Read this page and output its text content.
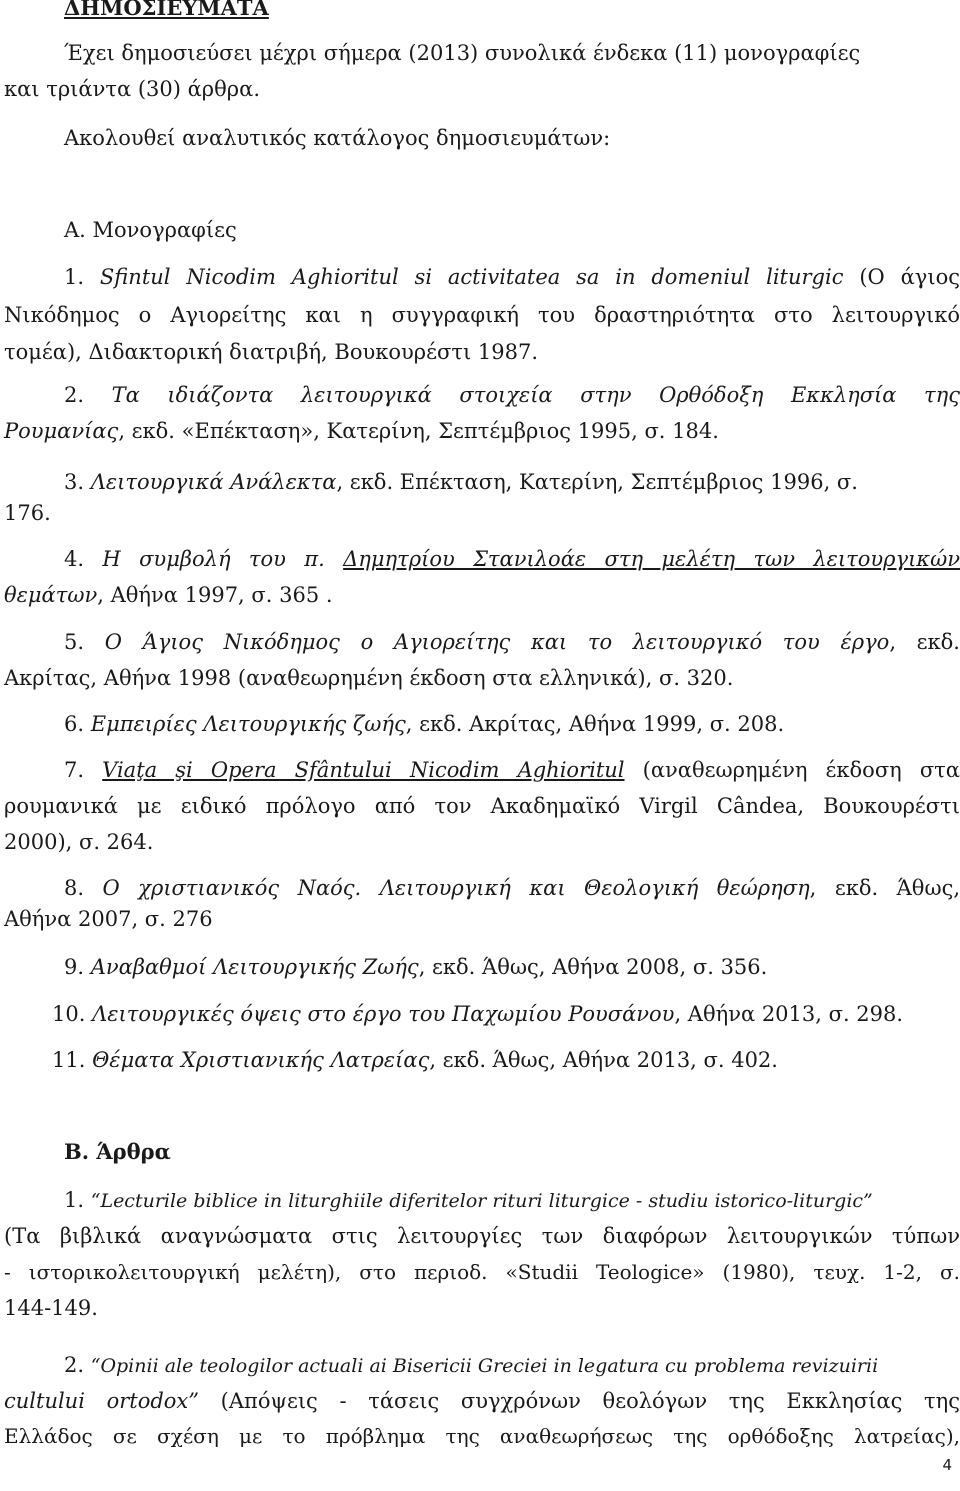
ΔΗΜΟΣΙΕΥΜΑΤΑ
Έχει δημοσιεύσει μέχρι σήμερα (2013) συνολικά ένδεκα (11) μονογραφίες
και τριάντα (30) άρθρα.
Ακολουθεί αναλυτικός κατάλογος δημοσιευμάτων:
Α. Μονογραφίες
1. Sfintul Nicodim Aghioritul si activitatea sa in domeniul liturgic (Ο άγιος
Νικόδημος ο Αγιορείτης και η συγγραφική του δραστηριότητα στο λειτουργικό
τομέα), Διδακτορική διατριβή, Βουκουρέστι 1987.
2. Τα ιδιάζοντα λειτουργικά στοιχεία στην Ορθόδοξη Εκκλησία της
Ρουμανίας, εκδ. «Επέκταση», Κατερίνη, Σεπτέμβριος 1995, σ. 184.
3. Λειτουργικά Ανάλεκτα, εκδ. Επέκταση, Κατερίνη, Σεπτέμβριος 1996, σ.
176.
4. Η συμβολή του π. Δημητρίου Στανιλοάε στη μελέτη των λειτουργικών
θεμάτων, Αθήνα 1997, σ. 365 .
5. Ο Άγιος Νικόδημος ο Αγιορείτης και το λειτουργικό του έργο, εκδ.
Ακρίτας, Αθήνα 1998 (αναθεωρημένη έκδοση στα ελληνικά), σ. 320.
6. Εμπειρίες Λειτουργικής ζωής, εκδ. Ακρίτας, Αθήνα 1999, σ. 208.
7. Viaţa şi Opera Sfântului Nicodim Aghioritul (αναθεωρημένη έκδοση στα
ρουμανικά με ειδικό πρόλογο από τον Ακαδημαϊκό Virgil Cândea, Βουκουρέστι
2000), σ. 264.
8. Ο χριστιανικός Ναός. Λειτουργική και Θεολογική θεώρηση, εκδ. Άθως,
Αθήνα 2007, σ. 276
9. Αναβαθμοί Λειτουργικής Ζωής, εκδ. Άθως, Αθήνα 2008, σ. 356.
10. Λειτουργικές όψεις στο έργο του Παχωμίου Ρουσάνου, Αθήνα 2013, σ. 298.
11. Θέματα Χριστιανικής Λατρείας, εκδ. Άθως, Αθήνα 2013, σ. 402.
Β. Άρθρα
1. “Lecturile biblice in liturghiile diferitelor rituri liturgice - studiu istorico-liturgic”
(Τα βιβλικά αναγνώσματα στις λειτουργίες των διαφόρων λειτουργικών τύπων
- ιστορικολειτουργική μελέτη), στο περιοδ. «Studii Teologice» (1980), τευχ. 1-2, σ.
144-149.
2. “Opinii ale teologilor actuali ai Bisericii Greciei in legatura cu problema revizuirii
cultului ortodox” (Απόψεις - τάσεις συγχρόνων θεολόγων της Εκκλησίας της
Ελλάδος σε σχέση με το πρόβλημα της αναθεωρήσεως της ορθόδοξης λατρείας),
4
